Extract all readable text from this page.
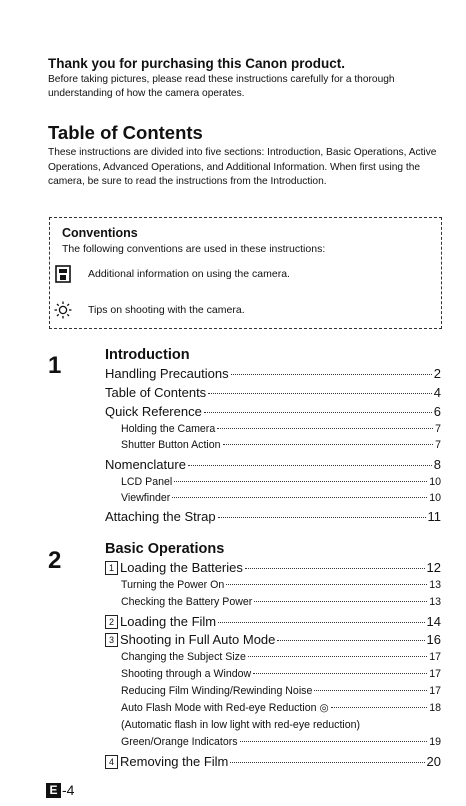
Thank you for purchasing this Canon product.
Before taking pictures, please read these instructions carefully for a thorough understanding of how the camera operates.
Table of Contents
These instructions are divided into five sections: Introduction, Basic Operations, Active Operations, Advanced Operations, and Additional Information. When first using the camera, be sure to read the instructions from the Introduction.
Conventions
The following conventions are used in these instructions:
Additional information on using the camera.
Tips on shooting with the camera.
1	Introduction
Handling Precautions	2
Table of Contents	4
Quick Reference	6
Holding the Camera	7
Shutter Button Action	7
Nomenclature	8
LCD Panel	10
Viewfinder	10
Attaching the Strap	11
2	Basic Operations
1 Loading the Batteries	12
Turning the Power On	13
Checking the Battery Power	13
2 Loading the Film	14
3 Shooting in Full Auto Mode	16
Changing the Subject Size	17
Shooting through a Window	17
Reducing Film Winding/Rewinding Noise	17
Auto Flash Mode with Red-eye Reduction ◎	18
(Automatic flash in low light with red-eye reduction)
Green/Orange Indicators	19
4 Removing the Film	20
E -4
